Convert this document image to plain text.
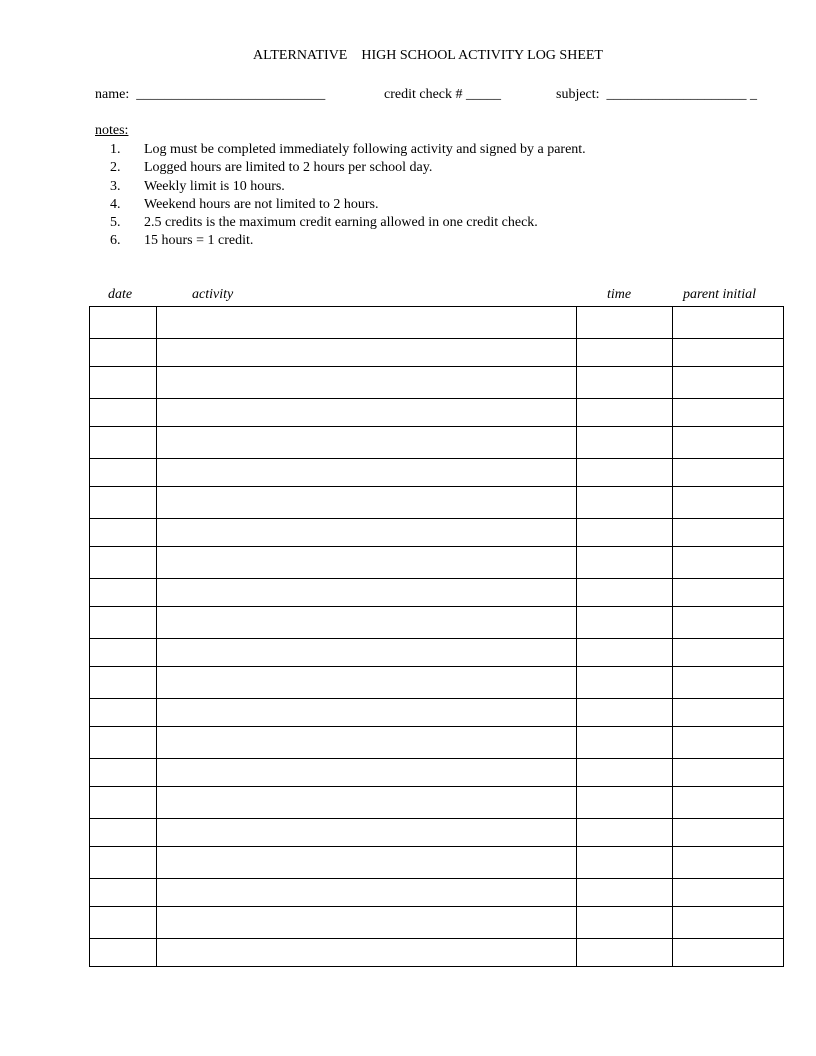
ALTERNATIVE    HIGH SCHOOL ACTIVITY LOG SHEET
name:  ___________________________	credit check # _____	subject:  ____________________ _
notes:
1.	Log must be completed immediately following activity and signed by a parent.
2.	Logged hours are limited to 2 hours per school day.
3.	Weekly limit is 10 hours.
4.	Weekend hours are not limited to 2 hours.
5.	2.5 credits is the maximum credit earning allowed in one credit check.
6.	15 hours = 1 credit.
date	activity	time	parent initial
